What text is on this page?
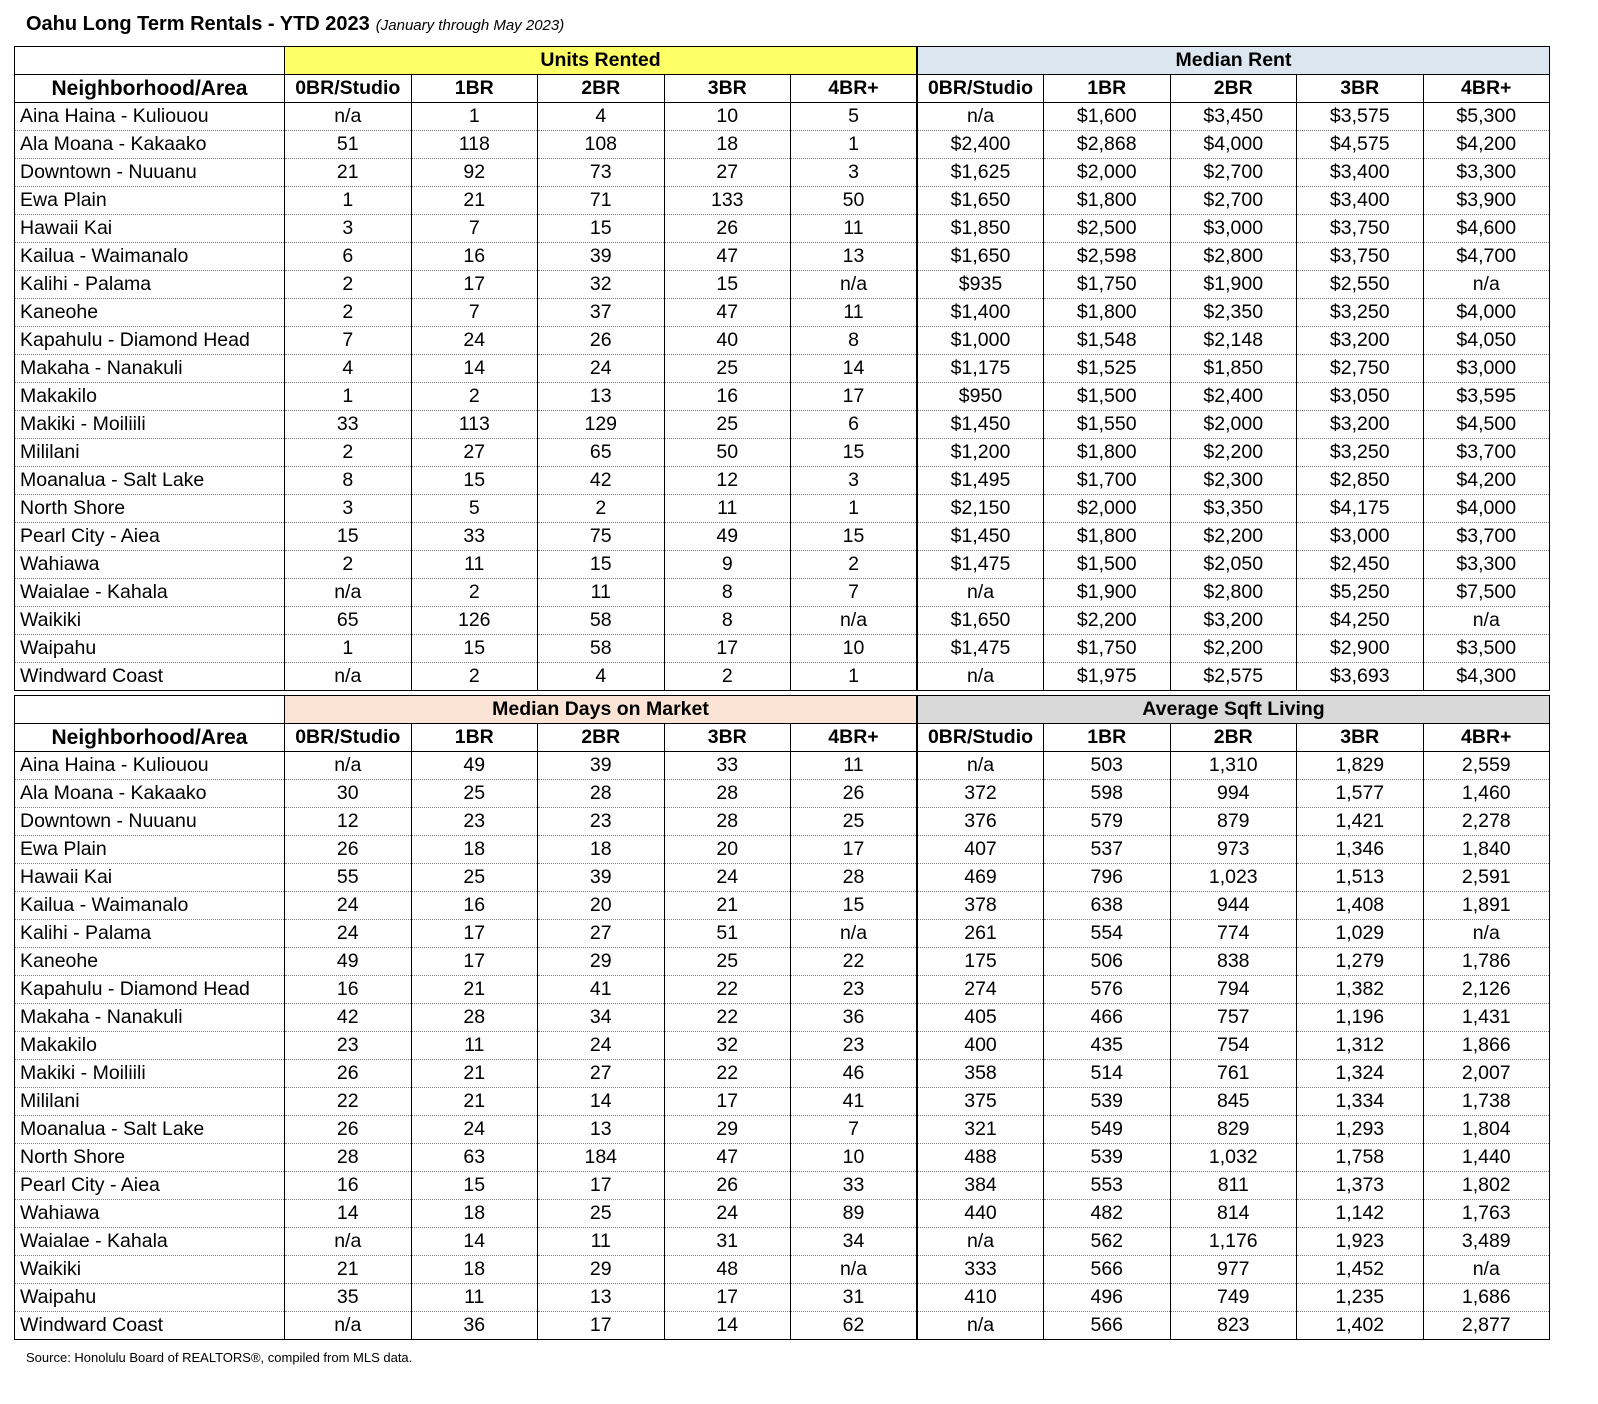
Oahu Long Term Rentals - YTD 2023 (January through May 2023)
	Units Rented					Median Rent				
Neighborhood/Area	0BR/Studio	1BR	2BR	3BR	4BR+	0BR/Studio	1BR	2BR	3BR	4BR+
Aina Haina - Kuliouou	n/a	1	4	10	5	n/a	$1,600	$3,450	$3,575	$5,300
Ala Moana - Kakaako	51	118	108	18	1	$2,400	$2,868	$4,000	$4,575	$4,200
Downtown - Nuuanu	21	92	73	27	3	$1,625	$2,000	$2,700	$3,400	$3,300
Ewa Plain	1	21	71	133	50	$1,650	$1,800	$2,700	$3,400	$3,900
Hawaii Kai	3	7	15	26	11	$1,850	$2,500	$3,000	$3,750	$4,600
Kailua - Waimanalo	6	16	39	47	13	$1,650	$2,598	$2,800	$3,750	$4,700
Kalihi - Palama	2	17	32	15	n/a	$935	$1,750	$1,900	$2,550	n/a
Kaneohe	2	7	37	47	11	$1,400	$1,800	$2,350	$3,250	$4,000
Kapahulu - Diamond Head	7	24	26	40	8	$1,000	$1,548	$2,148	$3,200	$4,050
Makaha - Nanakuli	4	14	24	25	14	$1,175	$1,525	$1,850	$2,750	$3,000
Makakilo	1	2	13	16	17	$950	$1,500	$2,400	$3,050	$3,595
Makiki - Moiliili	33	113	129	25	6	$1,450	$1,550	$2,000	$3,200	$4,500
Mililani	2	27	65	50	15	$1,200	$1,800	$2,200	$3,250	$3,700
Moanalua - Salt Lake	8	15	42	12	3	$1,495	$1,700	$2,300	$2,850	$4,200
North Shore	3	5	2	11	1	$2,150	$2,000	$3,350	$4,175	$4,000
Pearl City - Aiea	15	33	75	49	15	$1,450	$1,800	$2,200	$3,000	$3,700
Wahiawa	2	11	15	9	2	$1,475	$1,500	$2,050	$2,450	$3,300
Waialae - Kahala	n/a	2	11	8	7	n/a	$1,900	$2,800	$5,250	$7,500
Waikiki	65	126	58	8	n/a	$1,650	$2,200	$3,200	$4,250	n/a
Waipahu	1	15	58	17	10	$1,475	$1,750	$2,200	$2,900	$3,500
Windward Coast	n/a	2	4	2	1	n/a	$1,975	$2,575	$3,693	$4,300
	Median Days on Market					Average Sqft Living				
Neighborhood/Area	0BR/Studio	1BR	2BR	3BR	4BR+	0BR/Studio	1BR	2BR	3BR	4BR+
Aina Haina - Kuliouou	n/a	49	39	33	11	n/a	503	1,310	1,829	2,559
Ala Moana - Kakaako	30	25	28	28	26	372	598	994	1,577	1,460
Downtown - Nuuanu	12	23	23	28	25	376	579	879	1,421	2,278
Ewa Plain	26	18	18	20	17	407	537	973	1,346	1,840
Hawaii Kai	55	25	39	24	28	469	796	1,023	1,513	2,591
Kailua - Waimanalo	24	16	20	21	15	378	638	944	1,408	1,891
Kalihi - Palama	24	17	27	51	n/a	261	554	774	1,029	n/a
Kaneohe	49	17	29	25	22	175	506	838	1,279	1,786
Kapahulu - Diamond Head	16	21	41	22	23	274	576	794	1,382	2,126
Makaha - Nanakuli	42	28	34	22	36	405	466	757	1,196	1,431
Makakilo	23	11	24	32	23	400	435	754	1,312	1,866
Makiki - Moiliili	26	21	27	22	46	358	514	761	1,324	2,007
Mililani	22	21	14	17	41	375	539	845	1,334	1,738
Moanalua - Salt Lake	26	24	13	29	7	321	549	829	1,293	1,804
North Shore	28	63	184	47	10	488	539	1,032	1,758	1,440
Pearl City - Aiea	16	15	17	26	33	384	553	811	1,373	1,802
Wahiawa	14	18	25	24	89	440	482	814	1,142	1,763
Waialae - Kahala	n/a	14	11	31	34	n/a	562	1,176	1,923	3,489
Waikiki	21	18	29	48	n/a	333	566	977	1,452	n/a
Waipahu	35	11	13	17	31	410	496	749	1,235	1,686
Windward Coast	n/a	36	17	14	62	n/a	566	823	1,402	2,877
Source: Honolulu Board of REALTORS®, compiled from MLS data.
